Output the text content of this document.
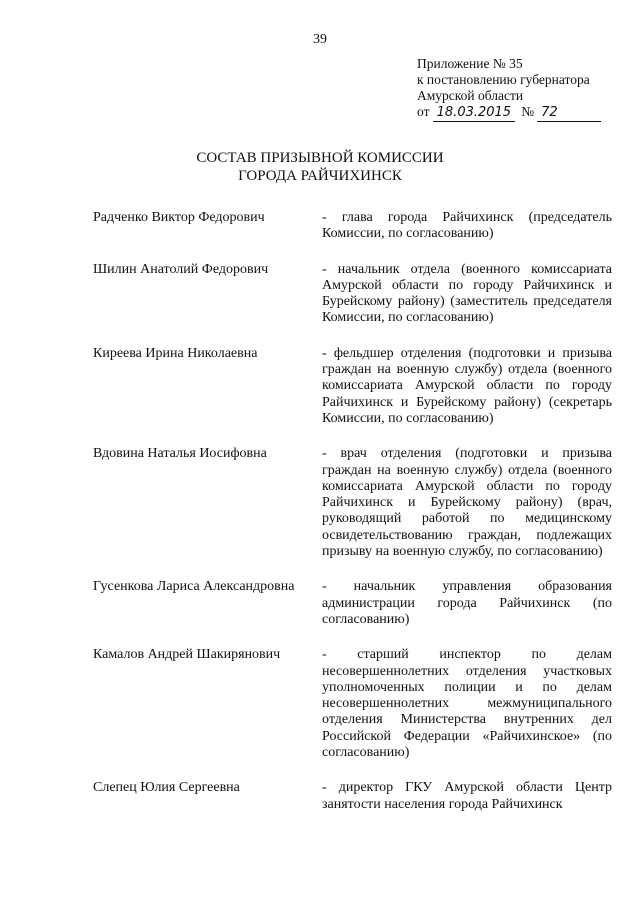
39
Приложение № 35
к постановлению губернатора
Амурской области
от 18.03.2015 № 72
СОСТАВ ПРИЗЫВНОЙ КОМИССИИ
ГОРОДА РАЙЧИХИНСК
Радченко Виктор Федорович	- глава города Райчихинск (председатель Комиссии, по согласованию)
Шилин Анатолий Федорович	- начальник отдела (военного комиссариата Амурской области по городу Райчихинск и Бурейскому району) (заместитель председателя Комиссии, по согласованию)
Киреева Ирина Николаевна	- фельдшер отделения (подготовки и призыва граждан на военную службу) отдела (военного комиссариата Амурской области по городу Райчихинск и Бурейскому району) (секретарь Комиссии, по согласованию)
Вдовина Наталья Иосифовна	- врач отделения (подготовки и призыва граждан на военную службу) отдела (военного комиссариата Амурской области по городу Райчихинск и Бурейскому району) (врач, руководящий работой по медицинскому освидетельствованию граждан, подлежащих призыву на военную службу, по согласованию)
Гусенкова Лариса Александровна	- начальник управления образования администрации города Райчихинск (по согласованию)
Камалов Андрей Шакирянович	- старший инспектор по делам несовершеннолетних отделения участковых уполномоченных полиции и по делам несовершеннолетних межмуниципального отделения Министерства внутренних дел Российской Федерации «Райчихинское» (по согласованию)
Слепец Юлия Сергеевна	- директор ГКУ Амурской области Центр занятости населения города Райчихинск
